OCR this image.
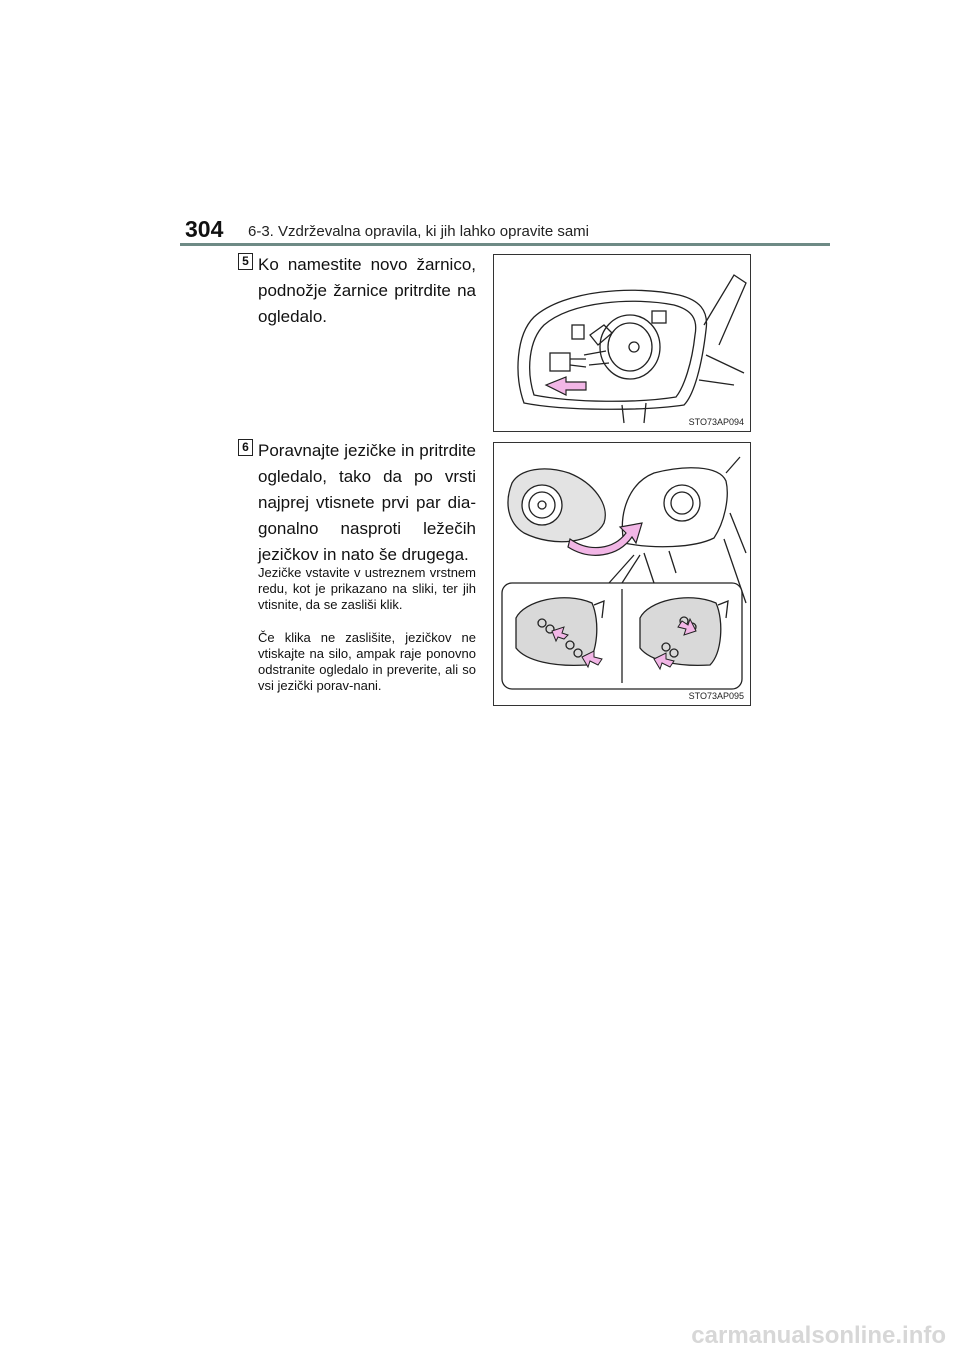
304 6-3. Vzdrževalna opravila, ki jih lahko opravite sami
5 Ko namestite novo žarnico, podnožje žarnice pritrdite na ogledalo.
STO73AP094
6 Poravnajte jezičke in pritrdite ogledalo, tako da po vrsti najprej vtisnete prvi par dia-gonalno nasproti ležečih jezičkov in nato še drugega.
Jezičke vstavite v ustreznem vrstnem redu, kot je prikazano na sliki, ter jih vtisnite, da se zasliši klik.
Če klika ne zaslišite, jezičkov ne vtiskajte na silo, ampak raje ponovno odstranite ogledalo in preverite, ali so vsi jezički porav-nani.
STO73AP095
carmanualsonline.info
